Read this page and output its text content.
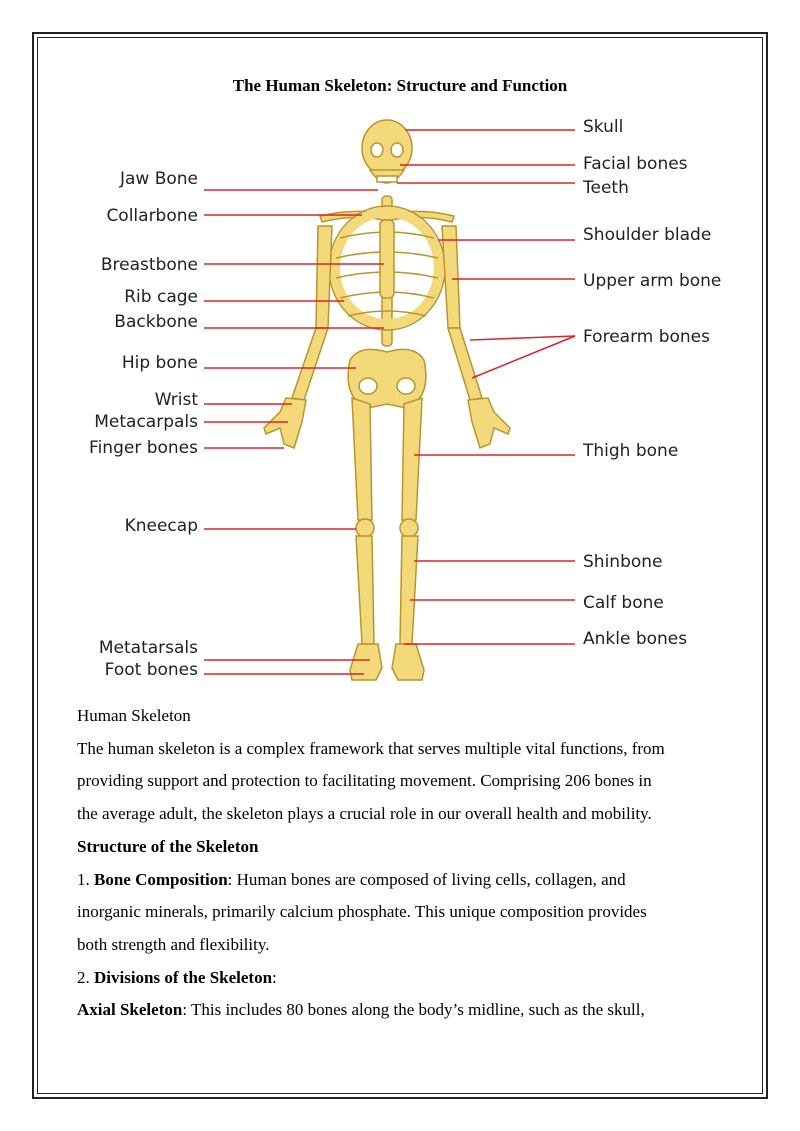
The Human Skeleton: Structure and Function
Jaw Bone
Collarbone
Breastbone
Rib cage
Backbone
Hip bone
Wrist
Metacarpals
Finger bones
Kneecap
Metatarsals
Foot bones
Skull
Facial bones
Teeth
Shoulder blade
Upper arm bone
Forearm bones
Thigh bone
Shinbone
Calf bone
Ankle bones

Human Skeleton

The human skeleton is a complex framework that serves multiple vital functions, from

providing support and protection to facilitating movement. Comprising 206 bones in

the average adult, the skeleton plays a crucial role in our overall health and mobility.

Structure of the Skeleton

1. Bone Composition: Human bones are composed of living cells, collagen, and

inorganic minerals, primarily calcium phosphate. This unique composition provides

both strength and flexibility.

2. Divisions of the Skeleton:

Axial Skeleton: This includes 80 bones along the body’s midline, such as the skull,
